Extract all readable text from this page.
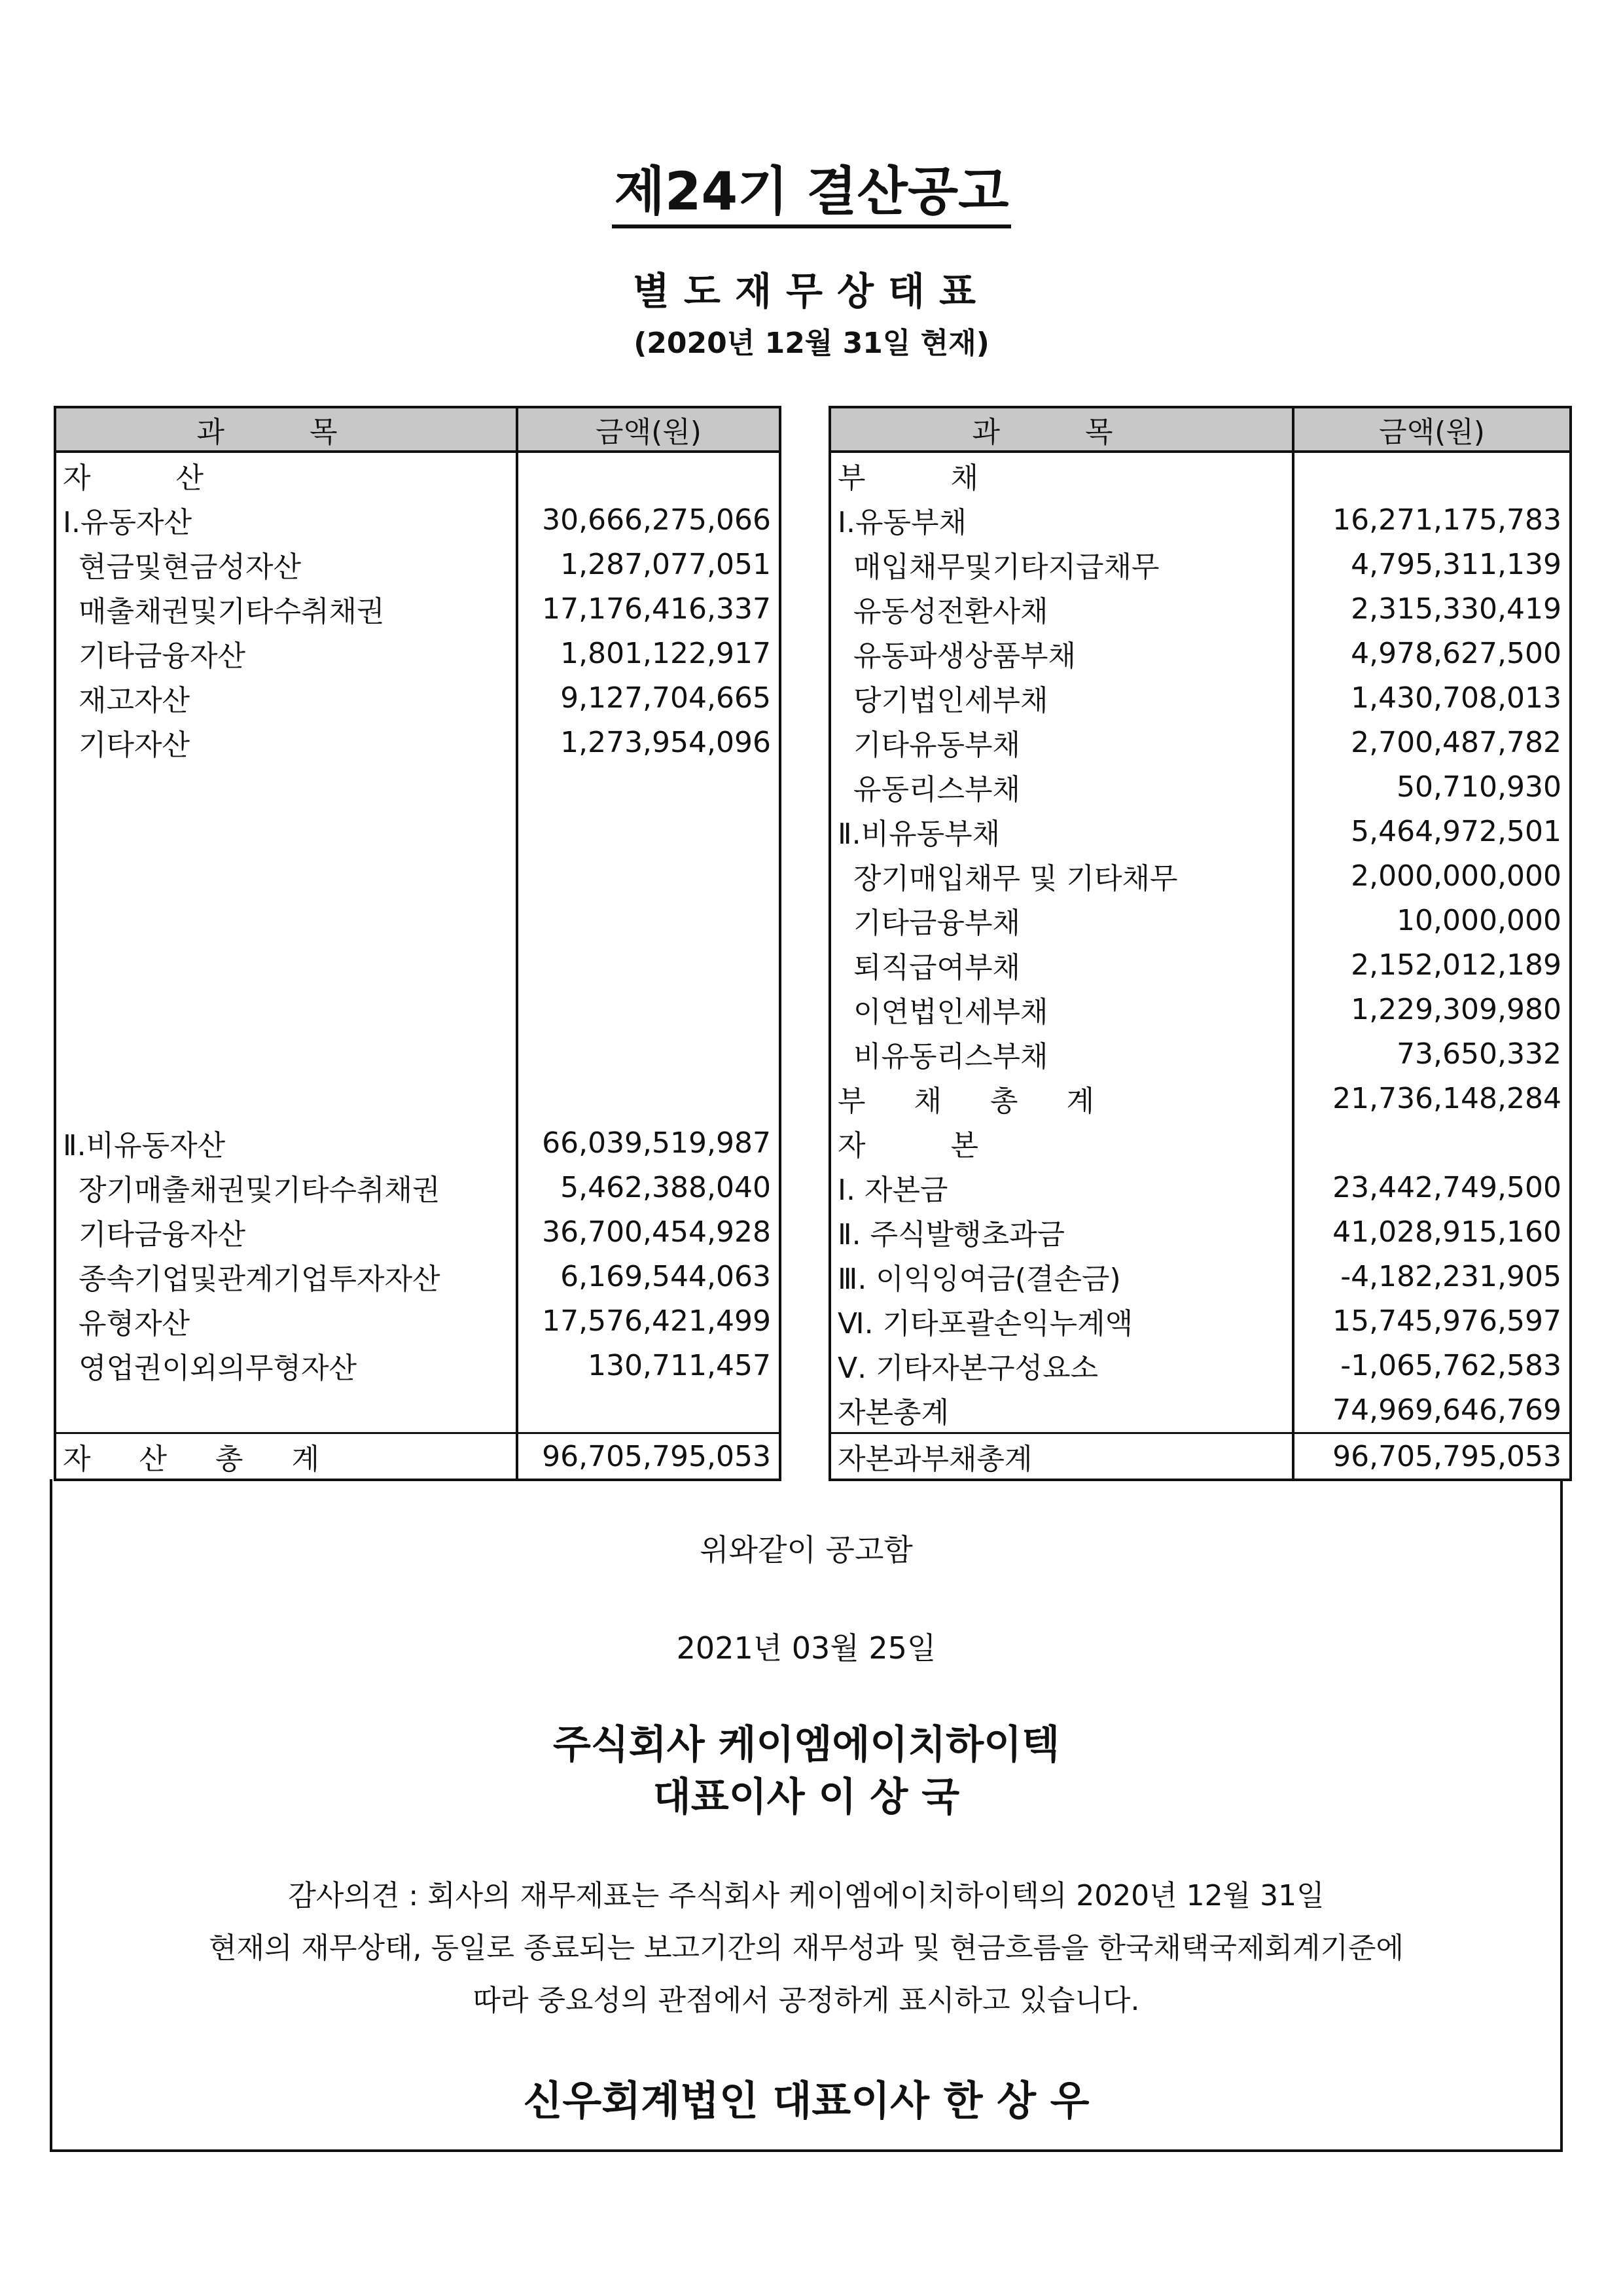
제24기 결산공고
별도재무상태표
(2020년 12월 31일 현재)
과 목	금액(원)
자 산	
Ⅰ.유동자산	30,666,275,066
현금및현금성자산	1,287,077,051
매출채권및기타수취채권	17,176,416,337
기타금융자산	1,801,122,917
재고자산	9,127,704,665
기타자산	1,273,954,096

Ⅱ.비유동자산	66,039,519,987
장기매출채권및기타수취채권	5,462,388,040
기타금융자산	36,700,454,928
종속기업및관계기업투자자산	6,169,544,063
유형자산	17,576,421,499
영업권이외의무형자산	130,711,457

자 산 총 계	96,705,795,053
과 목	금액(원)
부 채	
Ⅰ.유동부채	16,271,175,783
매입채무및기타지급채무	4,795,311,139
유동성전환사채	2,315,330,419
유동파생상품부채	4,978,627,500
당기법인세부채	1,430,708,013
기타유동부채	2,700,487,782
유동리스부채	50,710,930
Ⅱ.비유동부채	5,464,972,501
장기매입채무 및 기타채무	2,000,000,000
기타금융부채	10,000,000
퇴직급여부채	2,152,012,189
이연법인세부채	1,229,309,980
비유동리스부채	73,650,332
부 채 총 계	21,736,148,284
자 본	
Ⅰ. 자본금	23,442,749,500
Ⅱ. 주식발행초과금	41,028,915,160
Ⅲ. 이익잉여금(결손금)	-4,182,231,905
Ⅵ. 기타포괄손익누계액	15,745,976,597
Ⅴ. 기타자본구성요소	-1,065,762,583
자본총계	74,969,646,769
자본과부채총계	96,705,795,053
위와같이 공고함
2021년 03월 25일
주식회사 케이엠에이치하이텍
대표이사 이 상 국
감사의견 : 회사의 재무제표는 주식회사 케이엠에이치하이텍의 2020년 12월 31일
현재의 재무상태, 동일로 종료되는 보고기간의 재무성과 및 현금흐름을 한국채택국제회계기준에
따라 중요성의 관점에서 공정하게 표시하고 있습니다.
신우회계법인 대표이사 한 상 우
